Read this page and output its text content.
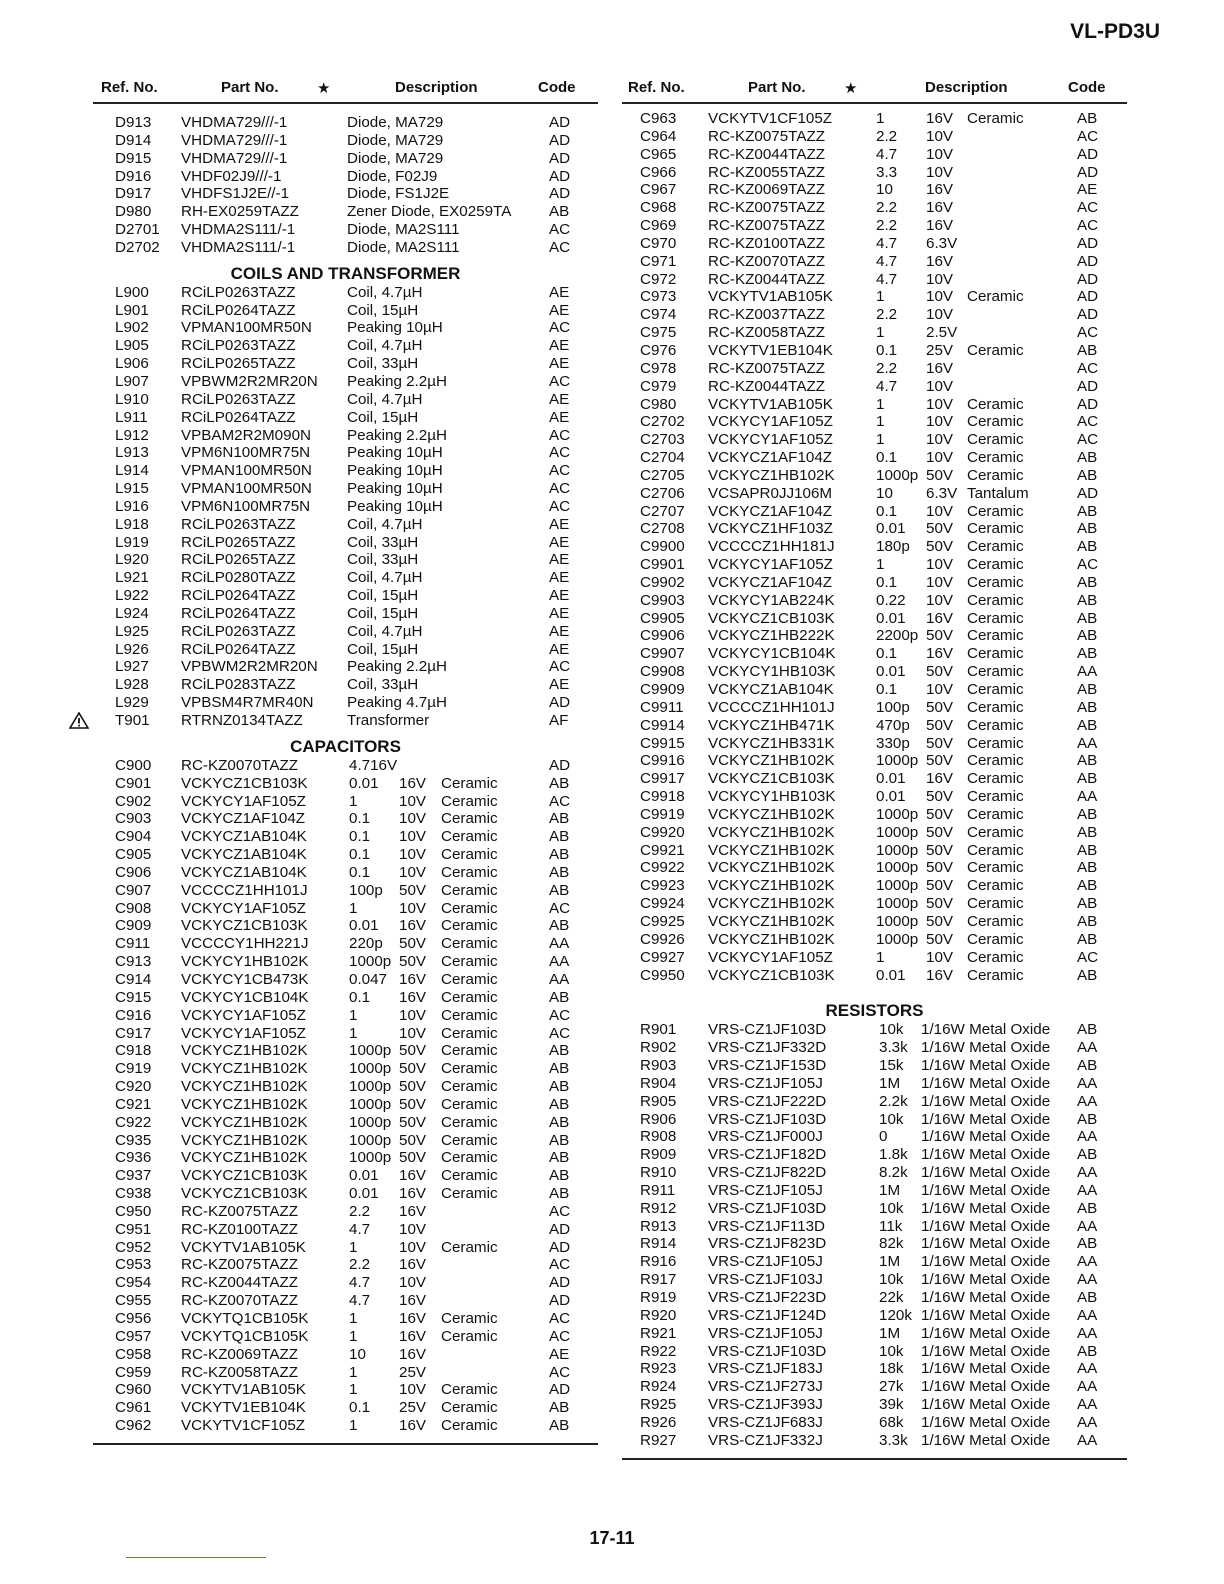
VL-PD3U
Ref. No.	Part No.	★	Description	Code
D913 VHDMA729///-1	Diode, MA729	AD
D914 VHDMA729///-1	Diode, MA729	AD
D915 VHDMA729///-1	Diode, MA729	AD
D916 VHDF02J9///-1	Diode, F02J9	AD
D917 VHDFS1J2E//-1	Diode, FS1J2E	AD
D980 RH-EX0259TAZZ	Zener Diode, EX0259TA AB
D2701 VHDMA2S111/-1	Diode, MA2S111	AC
D2702 VHDMA2S111/-1	Diode, MA2S111	AC
COILS AND TRANSFORMER
L900 RCiLP0263TAZZ	Coil, 4.7µH	AE
L901 RCiLP0264TAZZ	Coil, 15µH	AE
L902 VPMAN100MR50N Peaking 10µH	AC
L905 RCiLP0263TAZZ	Coil, 4.7µH	AE
L906 RCiLP0265TAZZ	Coil, 33µH	AE
L907 VPBWM2R2MR20N Peaking 2.2µH	AC
L910 RCiLP0263TAZZ	Coil, 4.7µH	AE
L911 RCiLP0264TAZZ	Coil, 15µH	AE
L912 VPBAM2R2M090N Peaking 2.2µH	AC
L913 VPM6N100MR75N Peaking 10µH	AC
L914 VPMAN100MR50N Peaking 10µH	AC
L915 VPMAN100MR50N Peaking 10µH	AC
L916 VPM6N100MR75N Peaking 10µH	AC
L918 RCiLP0263TAZZ	Coil, 4.7µH	AE
L919 RCiLP0265TAZZ	Coil, 33µH	AE
L920 RCiLP0265TAZZ	Coil, 33µH	AE
L921 RCiLP0280TAZZ	Coil, 4.7µH	AE
L922 RCiLP0264TAZZ	Coil, 15µH	AE
L924 RCiLP0264TAZZ	Coil, 15µH	AE
L925 RCiLP0263TAZZ	Coil, 4.7µH	AE
L926 RCiLP0264TAZZ	Coil, 15µH	AE
L927 VPBWM2R2MR20N Peaking 2.2µH	AC
L928 RCiLP0283TAZZ	Coil, 33µH	AE
L929 VPBSM4R7MR40N Peaking 4.7µH	AD
T901 RTRNZ0134TAZZ	Transformer	AF
CAPACITORS
C900 RC-KZ0070TAZZ	4.716V	AD
C901 VCKYCZ1CB103K	0.01 16V Ceramic	AB
C902 VCKYCY1AF105Z	1	10V Ceramic	AC
C903 VCKYCZ1AF104Z	0.1 10V Ceramic	AB
C904 VCKYCZ1AB104K	0.1 10V Ceramic	AB
C905 VCKYCZ1AB104K	0.1 10V Ceramic	AB
C906 VCKYCZ1AB104K	0.1 10V Ceramic	AB
C907 VCCCCZ1HH101J	100p 50V Ceramic	AB
C908 VCKYCY1AF105Z	1	10V Ceramic	AC
C909 VCKYCZ1CB103K	0.01 16V Ceramic	AB
C911 VCCCCY1HH221J	220p 50V Ceramic	AA
C913 VCKYCY1HB102K	1000p 50V Ceramic	AA
C914 VCKYCY1CB473K	0.047 16V Ceramic	AA
C915 VCKYCY1CB104K	0.1 16V Ceramic	AB
C916 VCKYCY1AF105Z	1	10V Ceramic	AC
C917 VCKYCY1AF105Z	1	10V Ceramic	AC
C918 VCKYCZ1HB102K	1000p 50V Ceramic	AB
C919 VCKYCZ1HB102K	1000p 50V Ceramic	AB
C920 VCKYCZ1HB102K	1000p 50V Ceramic	AB
C921 VCKYCZ1HB102K	1000p 50V Ceramic	AB
C922 VCKYCZ1HB102K	1000p 50V Ceramic	AB
C935 VCKYCZ1HB102K	1000p 50V Ceramic	AB
C936 VCKYCZ1HB102K	1000p 50V Ceramic	AB
C937 VCKYCZ1CB103K	0.01 16V Ceramic	AB
C938 VCKYCZ1CB103K	0.01 16V Ceramic	AB
C950 RC-KZ0075TAZZ	2.2 16V	AC
C951 RC-KZ0100TAZZ	4.7 10V	AD
C952 VCKYTV1AB105K	1	10V Ceramic	AD
C953 RC-KZ0075TAZZ	2.2 16V	AC
C954 RC-KZ0044TAZZ	4.7 10V	AD
C955 RC-KZ0070TAZZ	4.7 16V	AD
C956 VCKYTQ1CB105K	1	16V Ceramic	AC
C957 VCKYTQ1CB105K	1	16V Ceramic	AC
C958 RC-KZ0069TAZZ	10 16V	AE
C959 RC-KZ0058TAZZ	1	25V	AC
C960 VCKYTV1AB105K	1	10V Ceramic	AD
C961 VCKYTV1EB104K	0.1 25V Ceramic	AB
C962 VCKYTV1CF105Z	1	16V Ceramic	AB
Ref. No.	Part No.	★	Description	Code
C963 VCKYTV1CF105Z	1	16V Ceramic	AB
C964 RC-KZ0075TAZZ	2.2 10V	AC
C965 RC-KZ0044TAZZ	4.7 10V	AD
C966 RC-KZ0055TAZZ	3.3 10V	AD
C967 RC-KZ0069TAZZ	10 16V	AE
C968 RC-KZ0075TAZZ	2.2 16V	AC
C969 RC-KZ0075TAZZ	2.2 16V	AC
C970 RC-KZ0100TAZZ	4.7 6.3V	AD
C971 RC-KZ0070TAZZ	4.7 16V	AD
C972 RC-KZ0044TAZZ	4.7 10V	AD
C973 VCKYTV1AB105K	1	10V Ceramic	AD
C974 RC-KZ0037TAZZ	2.2 10V	AD
C975 RC-KZ0058TAZZ	1	2.5V	AC
C976 VCKYTV1EB104K	0.1 25V Ceramic	AB
C978 RC-KZ0075TAZZ	2.2 16V	AC
C979 RC-KZ0044TAZZ	4.7 10V	AD
C980 VCKYTV1AB105K	1	10V Ceramic	AD
C2702 VCKYCY1AF105Z	1	10V Ceramic	AC
C2703 VCKYCY1AF105Z	1	10V Ceramic	AC
C2704 VCKYCZ1AF104Z	0.1 10V Ceramic	AB
C2705 VCKYCZ1HB102K	1000p 50V Ceramic	AB
C2706 VCSAPR0JJ106M	10 6.3V Tantalum	AD
C2707 VCKYCZ1AF104Z	0.1 10V Ceramic	AB
C2708 VCKYCZ1HF103Z	0.01 50V Ceramic	AB
C9900 VCCCCZ1HH181J	180p 50V Ceramic	AB
C9901 VCKYCY1AF105Z	1	10V Ceramic	AC
C9902 VCKYCZ1AF104Z	0.1 10V Ceramic	AB
C9903 VCKYCY1AB224K	0.22 10V Ceramic	AB
C9905 VCKYCZ1CB103K	0.01 16V Ceramic	AB
C9906 VCKYCZ1HB222K	2200p 50V Ceramic	AB
C9907 VCKYCY1CB104K	0.1 16V Ceramic	AB
C9908 VCKYCY1HB103K	0.01 50V Ceramic	AA
C9909 VCKYCZ1AB104K	0.1 10V Ceramic	AB
C9911 VCCCCZ1HH101J	100p 50V Ceramic	AB
C9914 VCKYCZ1HB471K	470p 50V Ceramic	AB
C9915 VCKYCZ1HB331K	330p 50V Ceramic	AA
C9916 VCKYCZ1HB102K	1000p 50V Ceramic	AB
C9917 VCKYCZ1CB103K	0.01 16V Ceramic	AB
C9918 VCKYCY1HB103K	0.01 50V Ceramic	AA
C9919 VCKYCZ1HB102K	1000p 50V Ceramic	AB
C9920 VCKYCZ1HB102K	1000p 50V Ceramic	AB
C9921 VCKYCZ1HB102K	1000p 50V Ceramic	AB
C9922 VCKYCZ1HB102K	1000p 50V Ceramic	AB
C9923 VCKYCZ1HB102K	1000p 50V Ceramic	AB
C9924 VCKYCZ1HB102K	1000p 50V Ceramic	AB
C9925 VCKYCZ1HB102K	1000p 50V Ceramic	AB
C9926 VCKYCZ1HB102K	1000p 50V Ceramic	AB
C9927 VCKYCY1AF105Z	1	10V Ceramic	AC
C9950 VCKYCZ1CB103K	0.01 16V Ceramic	AB
RESISTORS
R901 VRS-CZ1JF103D	10k 1/16W Metal Oxide AB
R902 VRS-CZ1JF332D	3.3k 1/16W Metal Oxide AA
R903 VRS-CZ1JF153D	15k 1/16W Metal Oxide AB
R904 VRS-CZ1JF105J	1M 1/16W Metal Oxide AA
R905 VRS-CZ1JF222D	2.2k 1/16W Metal Oxide AA
R906 VRS-CZ1JF103D	10k 1/16W Metal Oxide AB
R908 VRS-CZ1JF000J	0 1/16W Metal Oxide AA
R909 VRS-CZ1JF182D	1.8k 1/16W Metal Oxide AB
R910 VRS-CZ1JF822D	8.2k 1/16W Metal Oxide AA
R911 VRS-CZ1JF105J	1M 1/16W Metal Oxide AA
R912 VRS-CZ1JF103D	10k 1/16W Metal Oxide AB
R913 VRS-CZ1JF113D	11k 1/16W Metal Oxide AA
R914 VRS-CZ1JF823D	82k 1/16W Metal Oxide AB
R916 VRS-CZ1JF105J	1M 1/16W Metal Oxide AA
R917 VRS-CZ1JF103J	10k 1/16W Metal Oxide AA
R919 VRS-CZ1JF223D	22k 1/16W Metal Oxide AB
R920 VRS-CZ1JF124D	120k 1/16W Metal Oxide AA
R921 VRS-CZ1JF105J	1M 1/16W Metal Oxide AA
R922 VRS-CZ1JF103D	10k 1/16W Metal Oxide AB
R923 VRS-CZ1JF183J	18k 1/16W Metal Oxide AA
R924 VRS-CZ1JF273J	27k 1/16W Metal Oxide AA
R925 VRS-CZ1JF393J	39k 1/16W Metal Oxide AA
R926 VRS-CZ1JF683J	68k 1/16W Metal Oxide AA
R927 VRS-CZ1JF332J	3.3k 1/16W Metal Oxide AA
17-11
